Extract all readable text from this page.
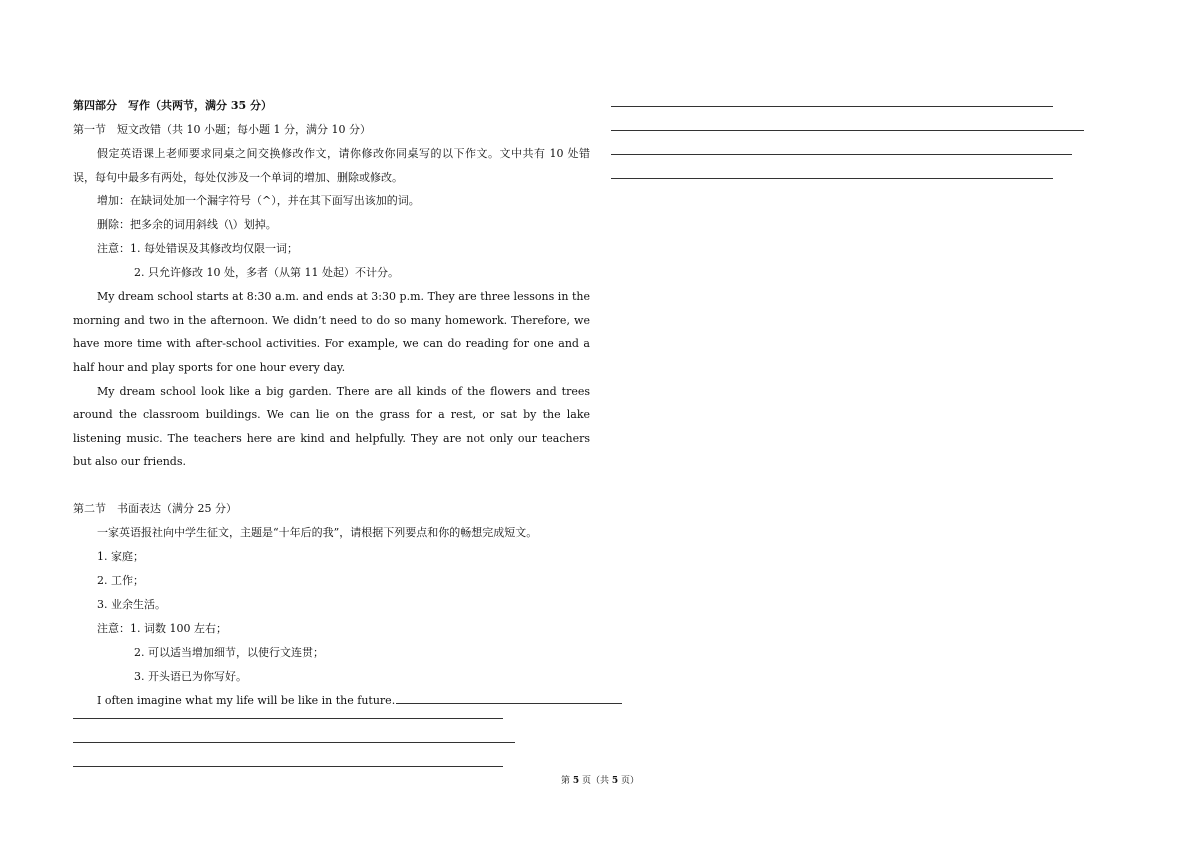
第四部分　写作（共两节，满分 35 分）

第一节　短文改错（共 10 小题；每小题 1 分，满分 10 分）

假定英语课上老师要求同桌之间交换修改作文，请你修改你同桌写的以下作文。文中共有 10 处错误，每句中最多有两处，每处仅涉及一个单词的增加、删除或修改。

增加：在缺词处加一个漏字符号（^），并在其下面写出该加的词。

删除：把多余的词用斜线（\）划掉。

注意：1. 每处错误及其修改均仅限一词；

2. 只允许修改 10 处，多者（从第 11 处起）不计分。

My dream school starts at 8:30 a.m. and ends at 3:30 p.m. They are three lessons in the morning and two in the afternoon. We didn’t need to do so many homework. Therefore, we have more time with after-school activities. For example, we can do reading for one and a half hour and play sports for one hour every day.

My dream school look like a big garden. There are all kinds of the flowers and trees around the classroom buildings. We can lie on the grass for a rest, or sat by the lake listening music. The teachers here are kind and helpfully. They are not only our teachers but also our friends.

第二节　书面表达（满分 25 分）

一家英语报社向中学生征文，主题是“十年后的我”，请根据下列要点和你的畅想完成短文。

1. 家庭；

2. 工作；

3. 业余生活。

注意：1. 词数 100 左右；

2. 可以适当增加细节，以使行文连贯；

3. 开头语已为你写好。

I often imagine what my life will be like in the future.

第 5 页（共 5 页）
